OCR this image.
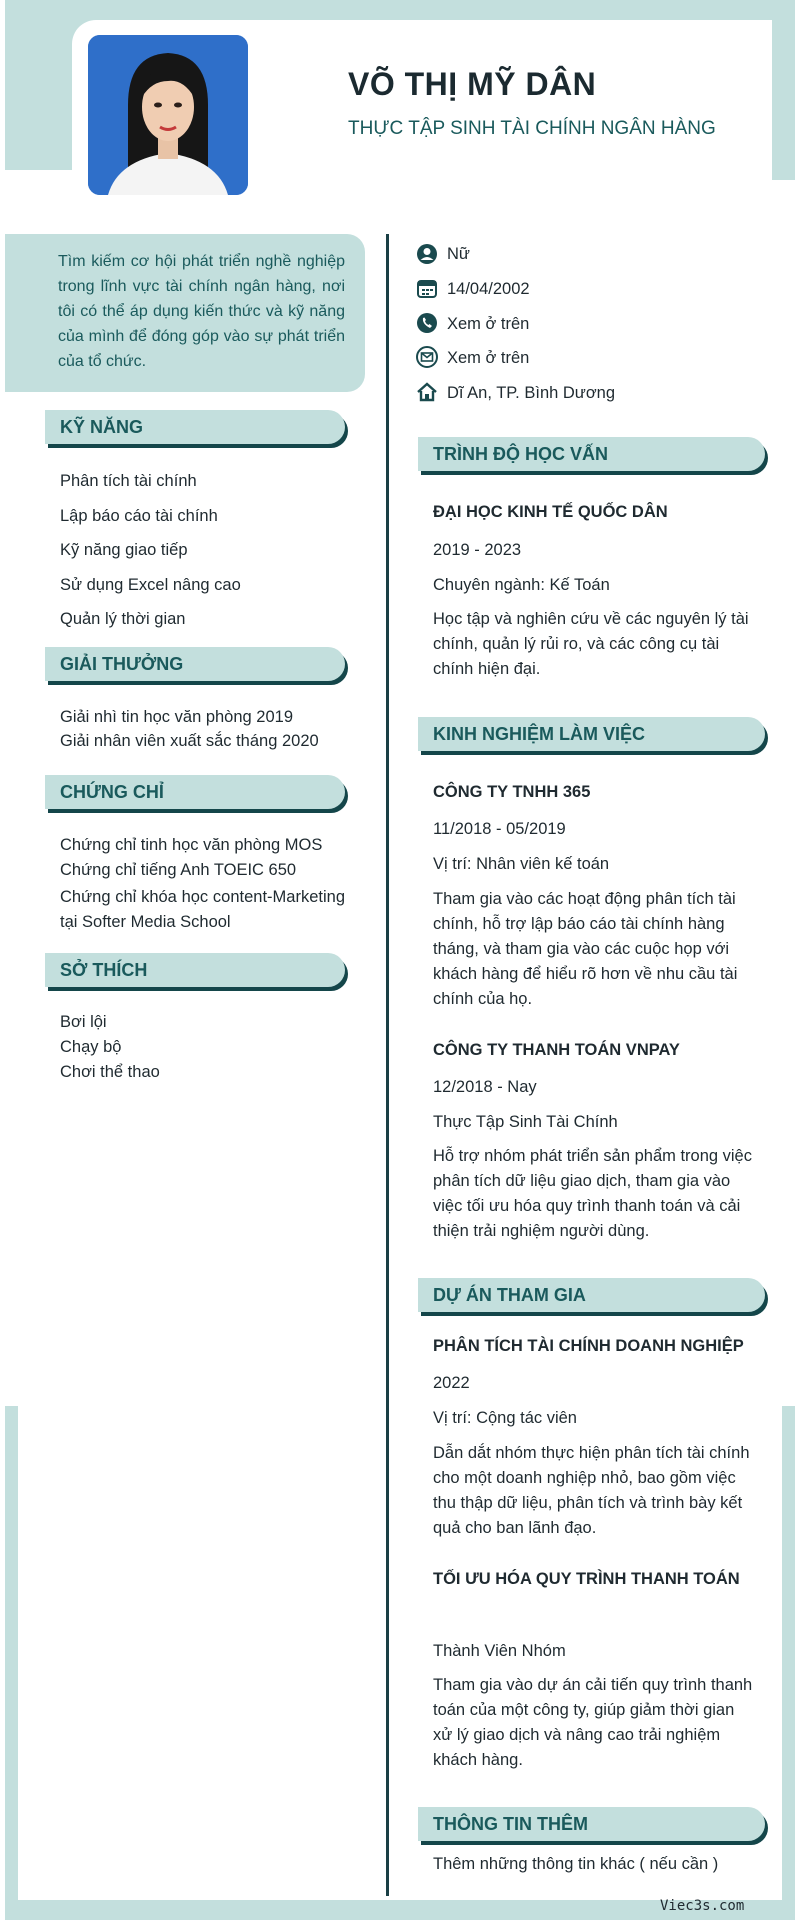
VÕ THỊ MỸ DÂN
THỰC TẬP SINH TÀI CHÍNH NGÂN HÀNG
Tìm kiếm cơ hội phát triển nghề nghiệp trong lĩnh vực tài chính ngân hàng, nơi tôi có thể áp dụng kiến thức và kỹ năng của mình để đóng góp vào sự phát triển của tổ chức.
KỸ NĂNG
Phân tích tài chính
Lập báo cáo tài chính
Kỹ năng giao tiếp
Sử dụng Excel nâng cao
Quản lý thời gian
GIẢI THƯỞNG
Giải nhì tin học văn phòng 2019
Giải nhân viên xuất sắc tháng 2020
CHỨNG CHỈ
Chứng chỉ tinh học văn phòng MOS
Chứng chỉ tiếng Anh TOEIC 650
Chứng chỉ khóa học content-Marketing tại Softer Media School
SỞ THÍCH
Bơi lội
Chạy bộ
Chơi thể thao
Nữ
14/04/2002
Xem ở trên
Xem ở trên
Dĩ An, TP. Bình Dương
TRÌNH ĐỘ HỌC VẤN
ĐẠI HỌC KINH TẾ QUỐC DÂN
2019 - 2023
Chuyên ngành: Kế Toán
Học tập và nghiên cứu về các nguyên lý tài chính, quản lý rủi ro, và các công cụ tài chính hiện đại.
KINH NGHIỆM LÀM VIỆC
CÔNG TY TNHH 365
11/2018 - 05/2019
Vị trí: Nhân viên kế toán
Tham gia vào các hoạt động phân tích tài chính, hỗ trợ lập báo cáo tài chính hàng tháng, và tham gia vào các cuộc họp với khách hàng để hiểu rõ hơn về nhu cầu tài chính của họ.
CÔNG TY THANH TOÁN VNPAY
12/2018 - Nay
Thực Tập Sinh Tài Chính
Hỗ trợ nhóm phát triển sản phẩm trong việc phân tích dữ liệu giao dịch, tham gia vào việc tối ưu hóa quy trình thanh toán và cải thiện trải nghiệm người dùng.
DỰ ÁN THAM GIA
PHÂN TÍCH TÀI CHÍNH DOANH NGHIỆP
2022
Vị trí: Cộng tác viên
Dẫn dắt nhóm thực hiện phân tích tài chính cho một doanh nghiệp nhỏ, bao gồm việc thu thập dữ liệu, phân tích và trình bày kết quả cho ban lãnh đạo.
TỐI ƯU HÓA QUY TRÌNH THANH TOÁN
Thành Viên Nhóm
Tham gia vào dự án cải tiến quy trình thanh toán của một công ty, giúp giảm thời gian xử lý giao dịch và nâng cao trải nghiệm khách hàng.
THÔNG TIN THÊM
Thêm những thông tin khác ( nếu cần )
Viec3s.com
